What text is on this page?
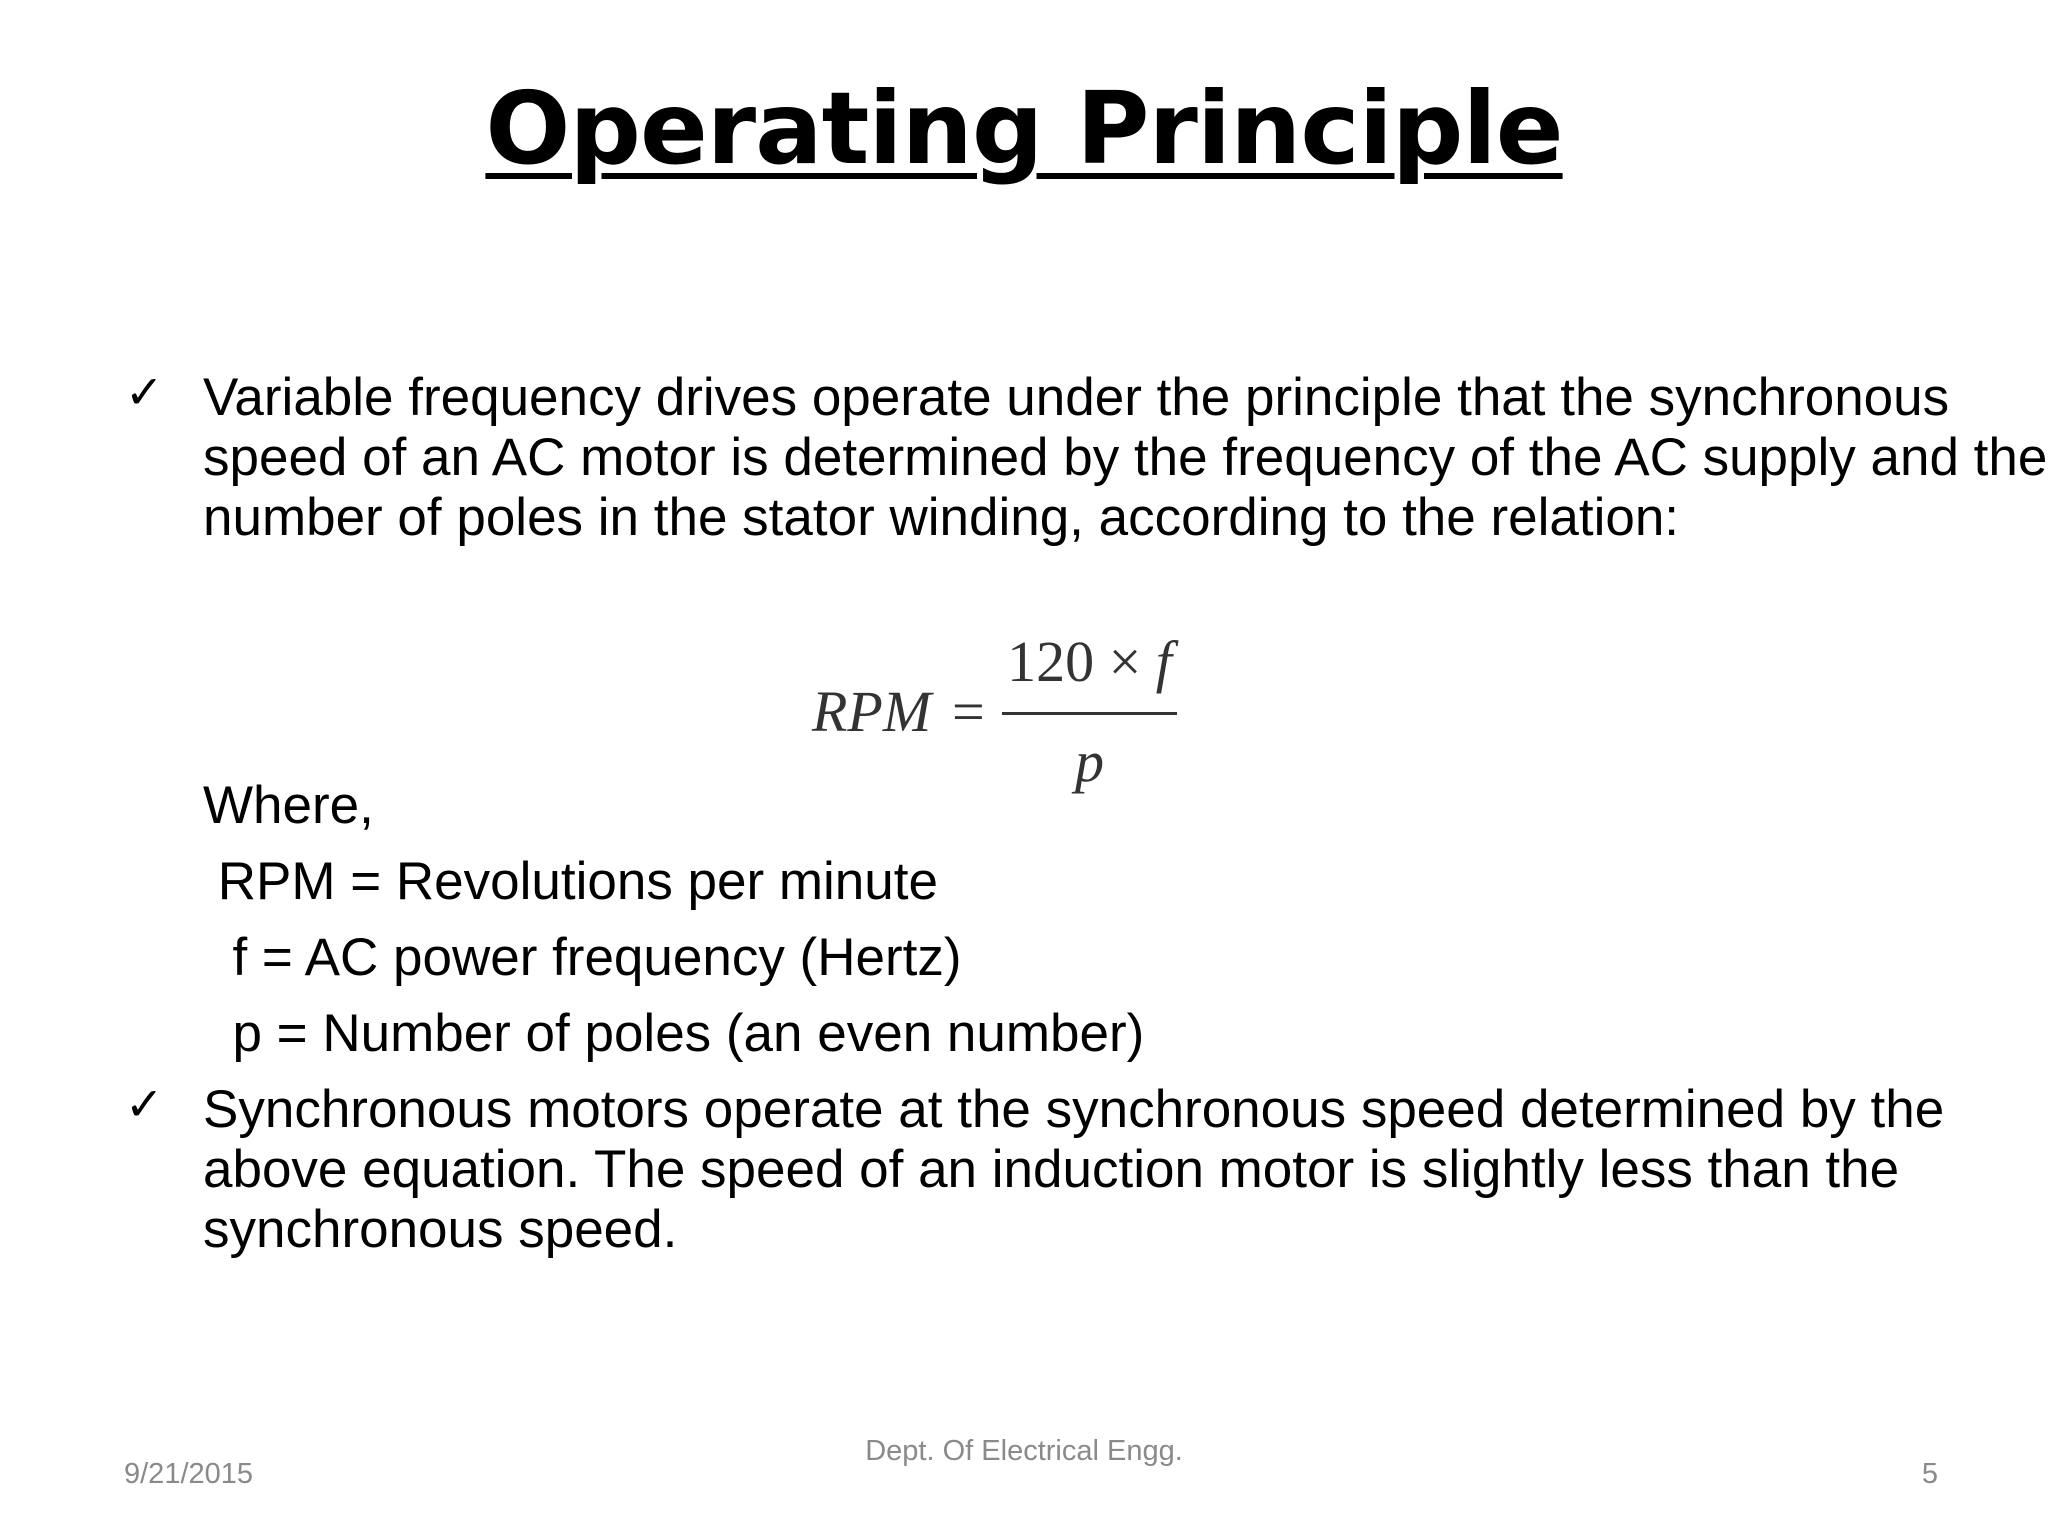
Operating Principle
✓ Variable frequency drives operate under the principle that the synchronous speed of an AC motor is determined by the frequency of the AC supply and the number of poles in the stator winding, according to the relation:

RPM =
120 × f
p
Where,
RPM = Revolutions per minute
f = AC power frequency (Hertz)
p = Number of poles (an even number)
✓ Synchronous motors operate at the synchronous speed determined by the above equation. The speed of an induction motor is slightly less than the synchronous speed.

9/21/2015
Dept. Of Electrical Engg.
5
